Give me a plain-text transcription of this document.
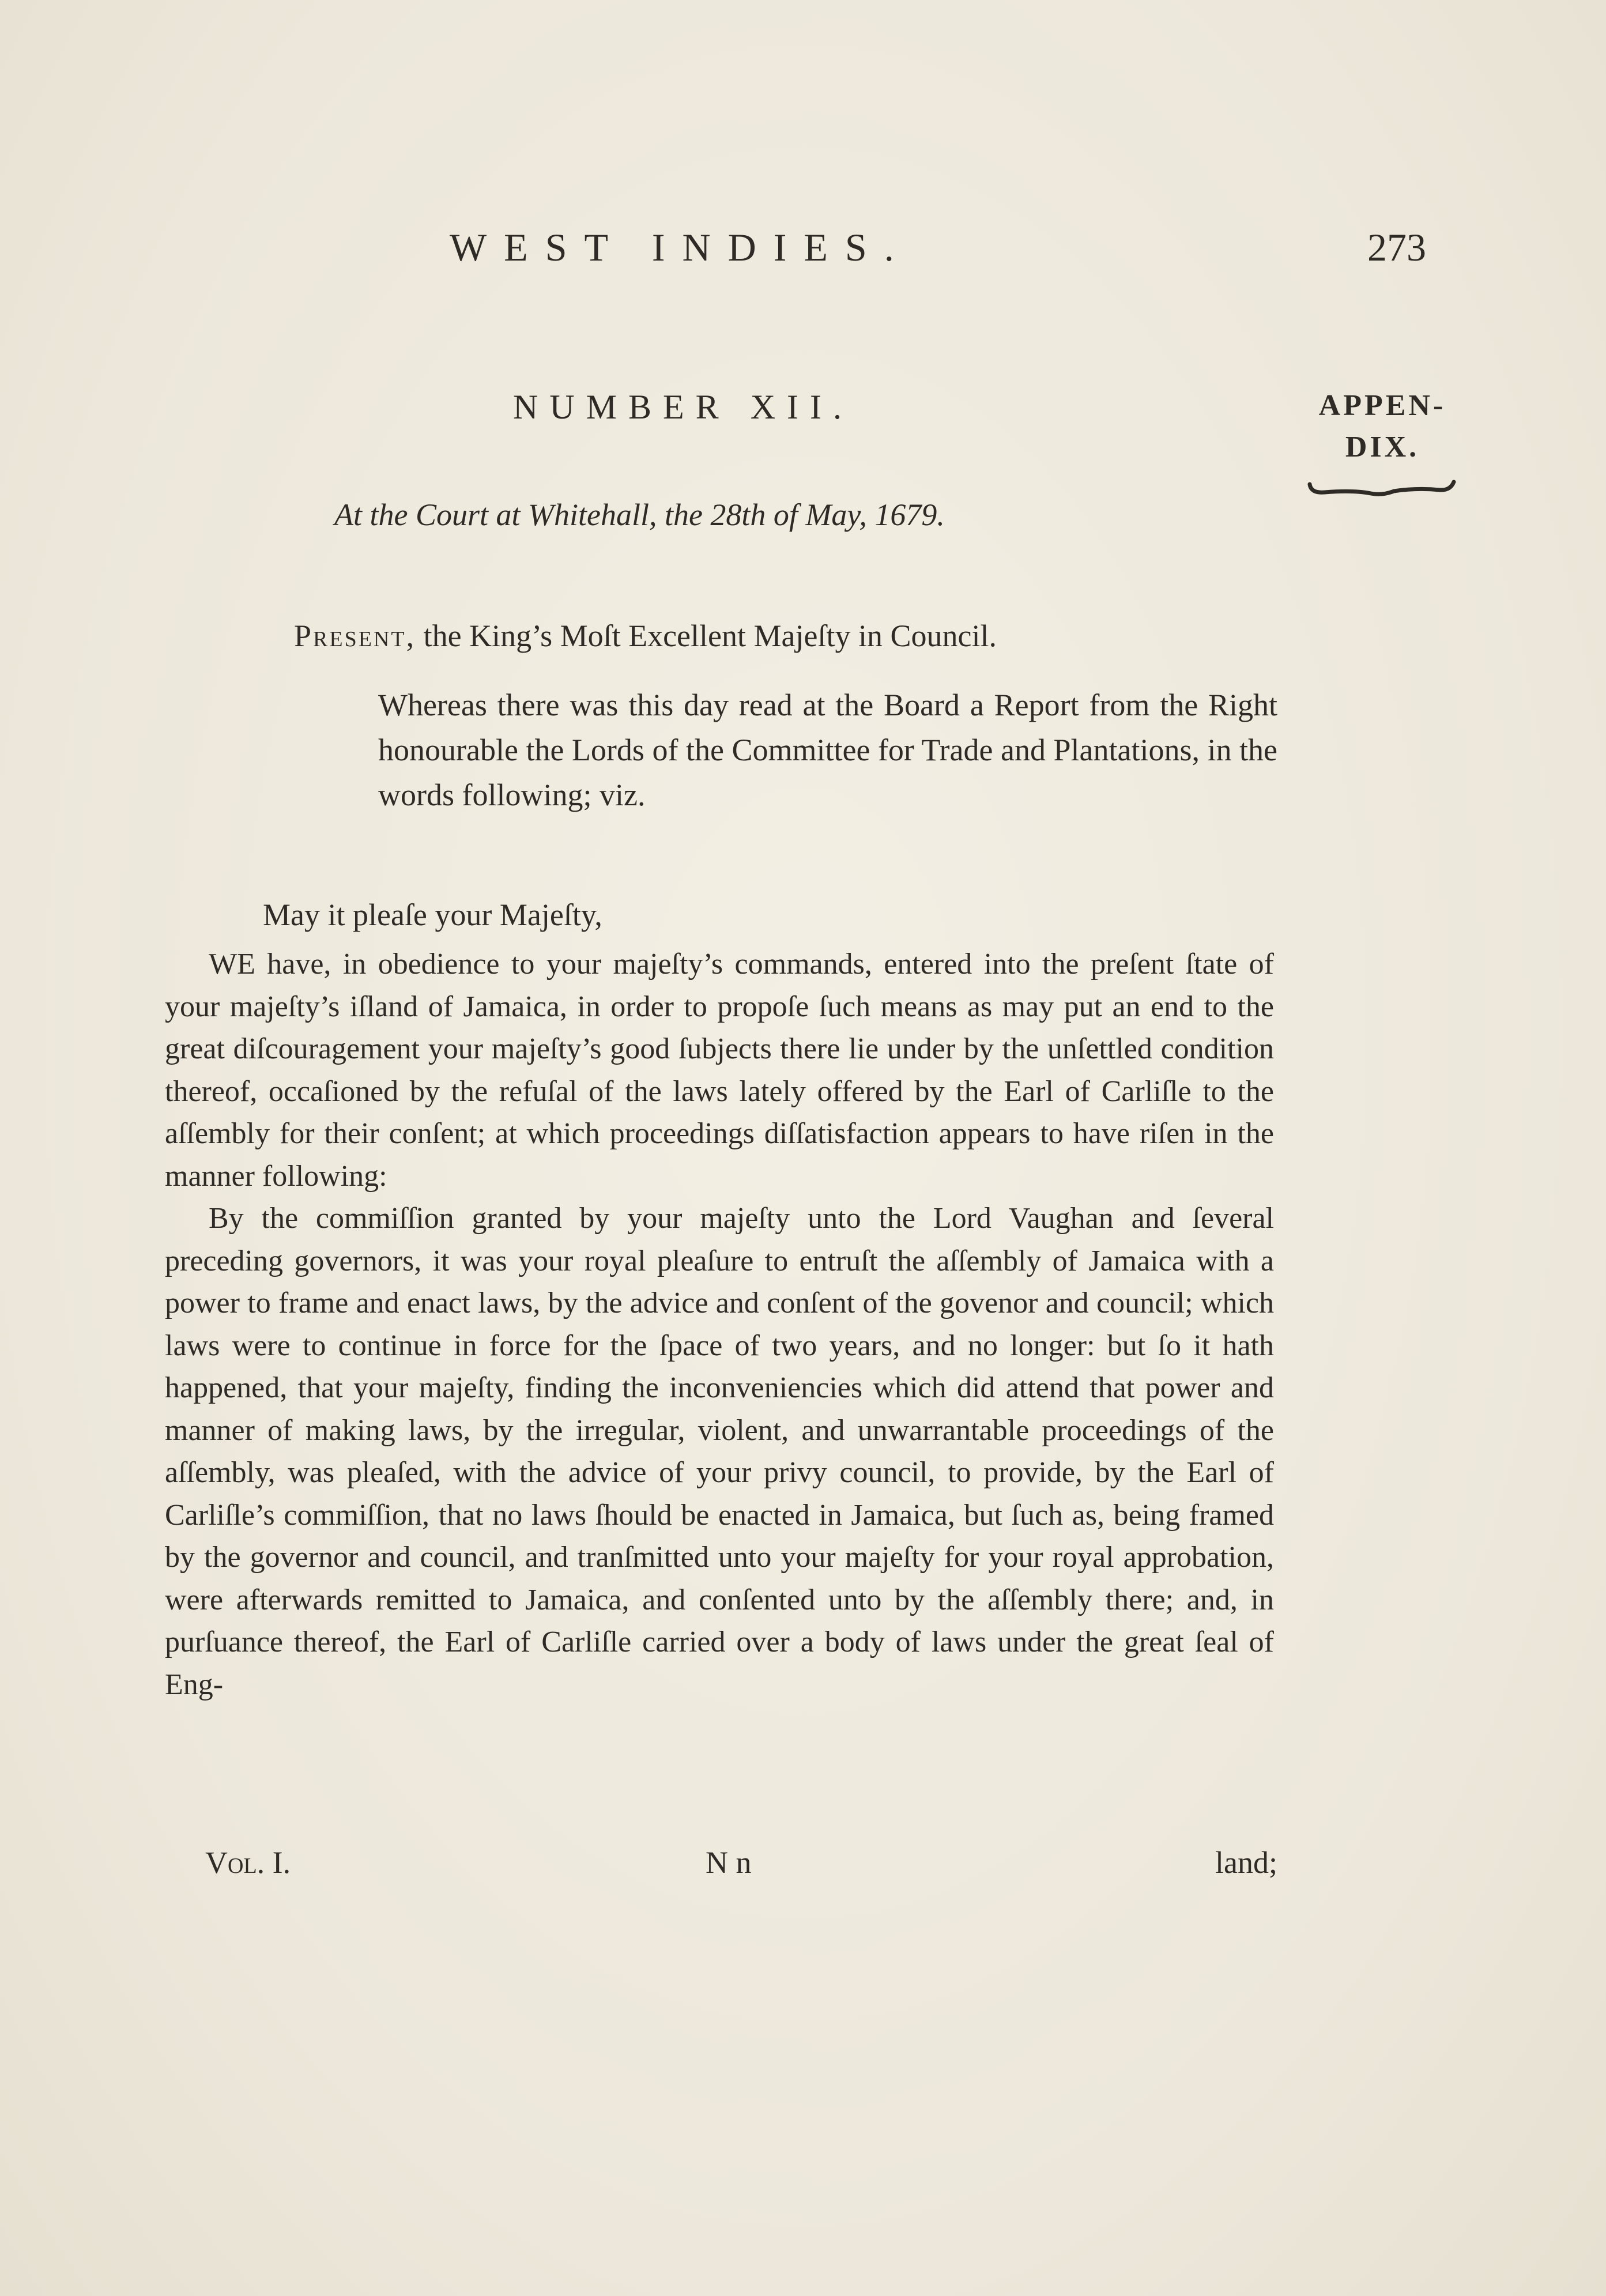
WEST INDIES.	273
APPEN-
DIX.
NUMBER XII.
At the Court at Whitehall, the 28th of May, 1679.
Present, the King’s Moſt Excellent Majeſty in Council.
Whereas there was this day read at the Board a Report from the Right honourable the Lords of the Committee for Trade and Plantations, in the words following; viz.
May it pleaſe your Majeſty,

WE have, in obedience to your majeſty’s commands, entered into the preſent ſtate of your majeſty’s iſland of Jamaica, in order to propoſe ſuch means as may put an end to the great diſcouragement your majeſty’s good ſubjects there lie under by the unſettled condition thereof, occaſioned by the refuſal of the laws lately offered by the Earl of Carliſle to the aſſembly for their conſent; at which proceedings diſſatisfaction appears to have riſen in the manner following:

By the commiſſion granted by your majeſty unto the Lord Vaughan and ſeveral preceding governors, it was your royal pleaſure to entruſt the aſſembly of Jamaica with a power to frame and enact laws, by the advice and conſent of the govenor and council; which laws were to continue in force for the ſpace of two years, and no longer: but ſo it hath happened, that your majeſty, finding the inconveniencies which did attend that power and manner of making laws, by the irregular, violent, and unwarrantable proceedings of the aſſembly, was pleaſed, with the advice of your privy council, to provide, by the Earl of Carliſle’s commiſſion, that no laws ſhould be enacted in Jamaica, but ſuch as, being framed by the governor and council, and tranſmitted unto your majeſty for your royal approbation, were afterwards remitted to Jamaica, and conſented unto by the aſſembly there; and, in purſuance thereof, the Earl of Carliſle carried over a body of laws under the great ſeal of Eng-

Vol. I.	N n	land;
